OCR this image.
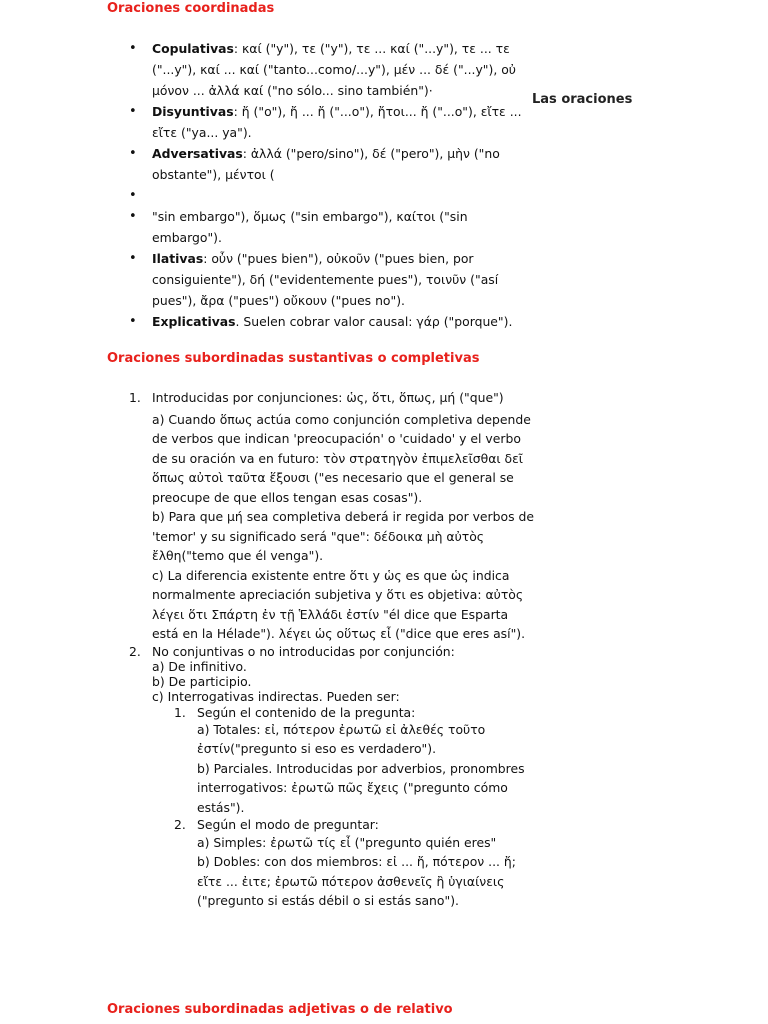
Oraciones coordinadas
Las oraciones
• Copulativas: καί ("y"), τε ("y"), τε ... καί ("...y"), τε ... τε ("...y"), καί ... καί ("tanto...como/...y"), μέν ... δέ ("...y"), οὐ μόνον ... ἀλλά καί ("no sólo... sino también")·
• Disyuntivas: ἤ ("o"), ἤ ... ἤ ("...o"), ἤτοι... ἤ ("...o"), εἴτε ... εἴτε ("ya... ya").
• Adversativas: ἀλλά ("pero/sino"), δέ ("pero"), μὴν ("no obstante"), μέντοι (
•
• "sin embargo"), ὅμως ("sin embargo"), καίτοι ("sin embargo").
• Ilativas: οὖν ("pues bien"), οὐκοῦν ("pues bien, por consiguiente"), δή ("evidentemente pues"), τοινῦν ("así pues"), ἄρα ("pues") οὔκουν ("pues no").
• Explicativas. Suelen cobrar valor causal: γάρ ("porque").
Oraciones subordinadas sustantivas o completivas
1. Introducidas por conjunciones: ὡς, ὅτι, ὅπως, μή ("que")
a) Cuando ὅπως actúa como conjunción completiva depende de verbos que indican 'preocupación' o 'cuidado' y el verbo de su oración va en futuro: τὸν στρατηγὸν ἐπιμελεῖσθαι δεῖ ὅπως αὐτοὶ ταῦτα ἕξουσι ("es necesario que el general se preocupe de que ellos tengan esas cosas").
b) Para que μή sea completiva deberá ir regida por verbos de 'temor' y su significado será "que": δέδοικα μὴ αὐτὸς ἔλθη("temo que él venga").
c) La diferencia existente entre ὅτι y ὡς es que ὡς indica normalmente apreciación subjetiva y ὅτι es objetiva: αὐτὸς λέγει ὅτι Σπάρτη ἐν τῇ Ἑλλάδι ἐστίν "él dice que Esparta está en la Hélade"). λέγει ὡς οὕτως εἶ ("dice que eres así").
2. No conjuntivas o no introducidas por conjunción:
a) De infinitivo.
b) De participio.
c) Interrogativas indirectas. Pueden ser:
1. Según el contenido de la pregunta:
a) Totales: εἰ, πότερον ἐρωτῶ εἰ ἀλεθές τοῦτο ἐστίν("pregunto si eso es verdadero").
b) Parciales. Introducidas por adverbios, pronombres interrogativos: ἐρωτῶ πῶς ἔχεις ("pregunto cómo estás").
2. Según el modo de preguntar:
a) Simples: ἐρωτῶ τίς εἶ ("pregunto quién eres"
b) Dobles: con dos miembros: εἰ ... ἤ, πότερον ... ἤ; εἴτε ... ἐιτε; ἐρωτῶ πότερον ἀσθενεῖς ἢ ὑγιαίνεις ("pregunto si estás débil o si estás sano").
Oraciones subordinadas adjetivas o de relativo
